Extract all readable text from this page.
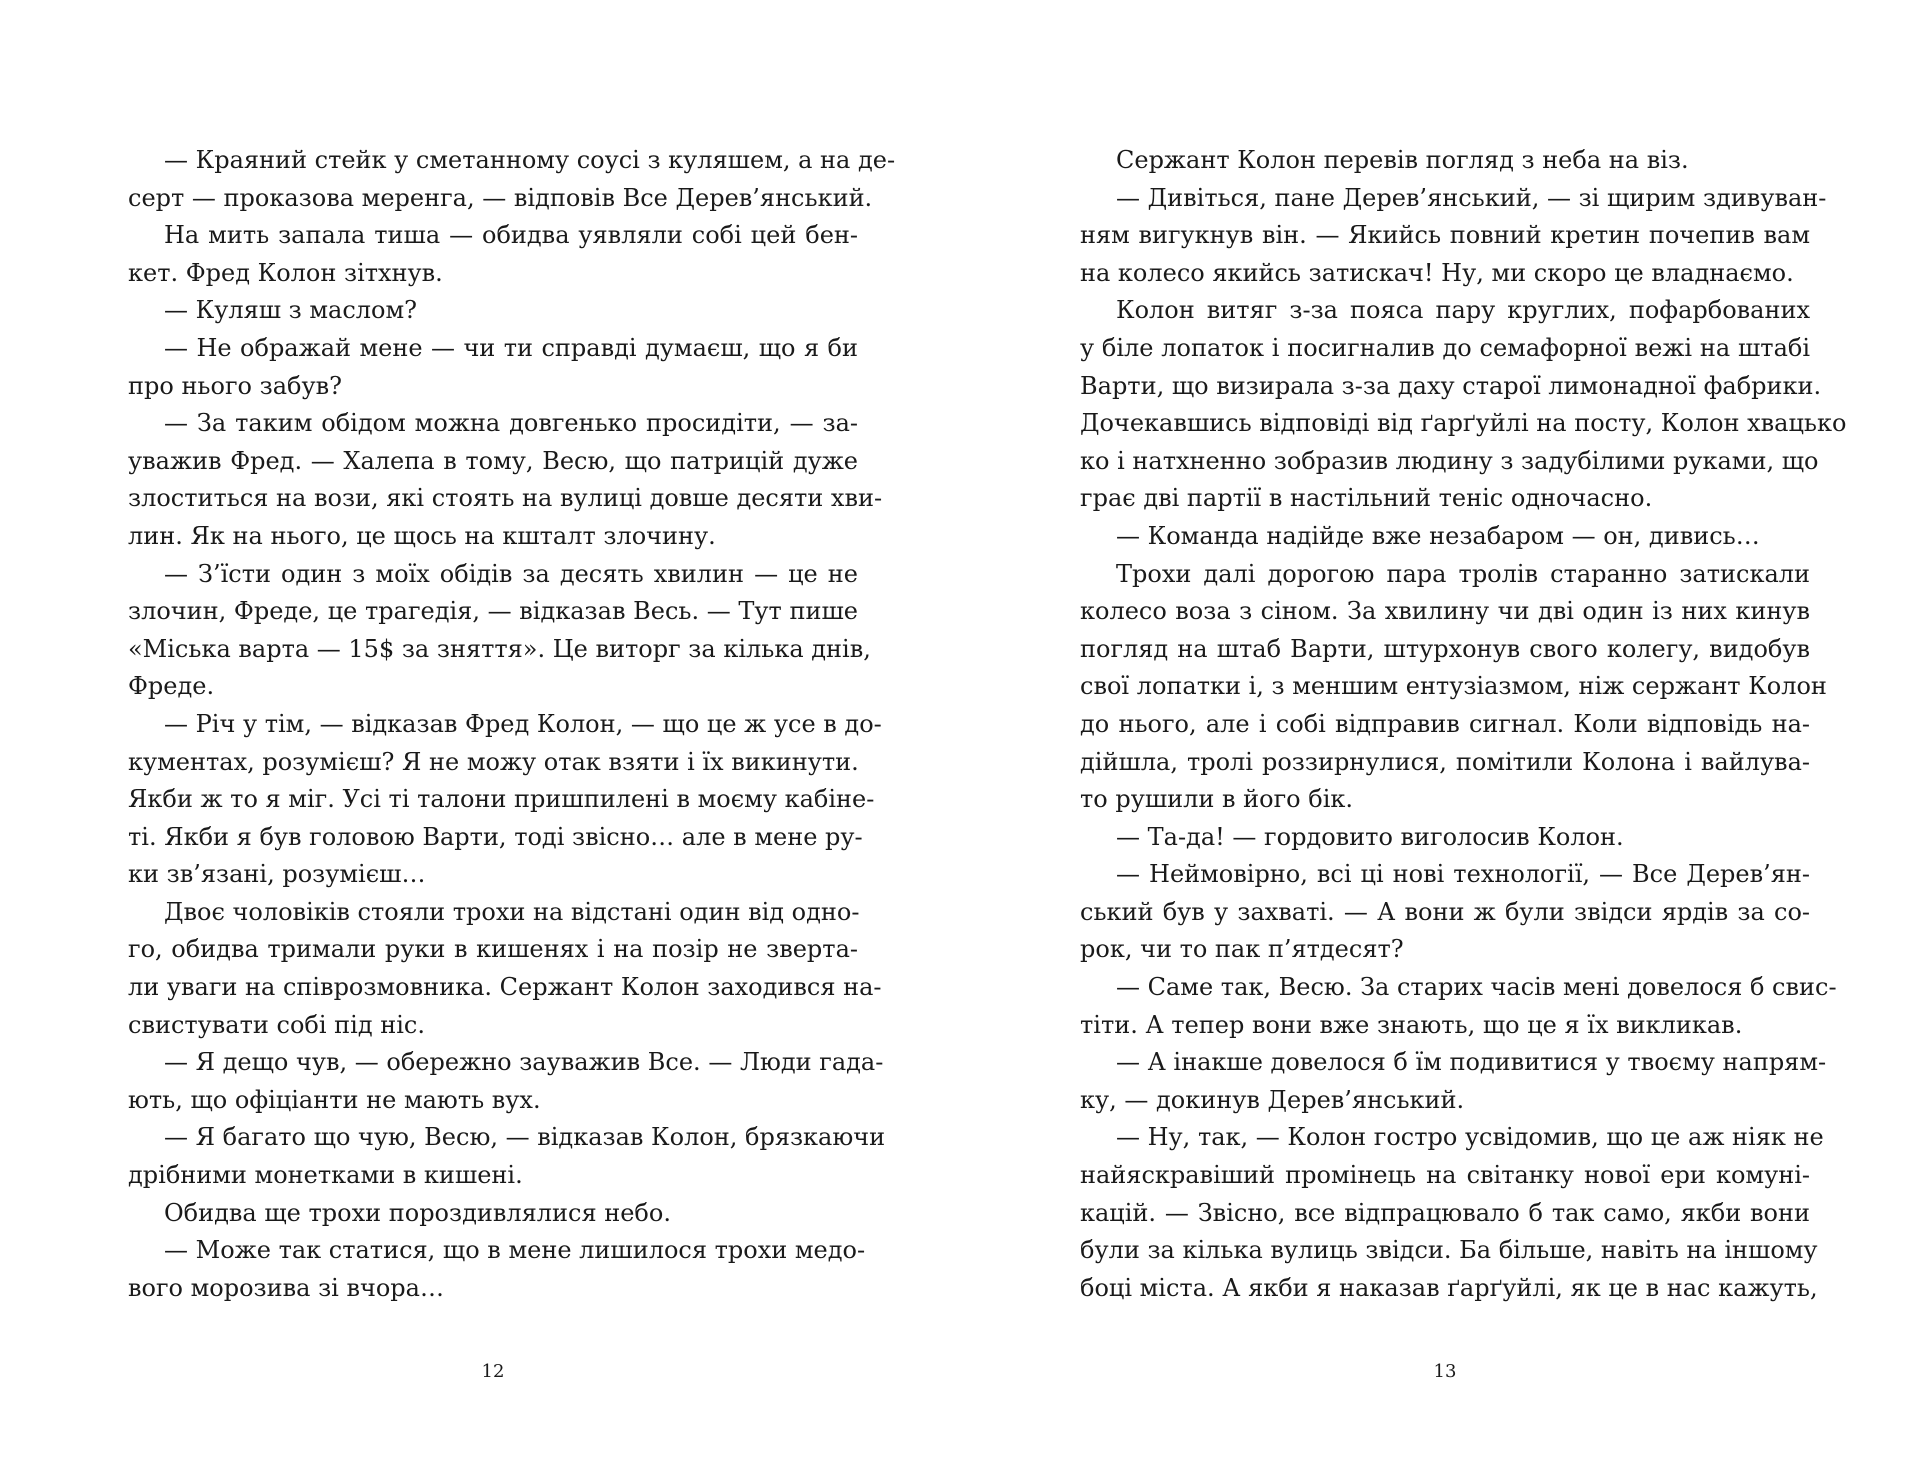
— Краяний стейк у сметанному соусі з куляшем, а на де-
серт — проказова меренга, — відповів Все Дерев’янський.
На мить запала тиша — обидва уявляли собі цей бен-
кет. Фред Колон зітхнув.
— Куляш з маслом?
— Не ображай мене — чи ти справді думаєш, що я би
про нього забув?
— За таким обідом можна довгенько просидіти, — за-
уважив Фред. — Халепа в тому, Весю, що патрицій дуже
злоститься на вози, які стоять на вулиці довше десяти хви-
лин. Як на нього, це щось на кшталт злочину.
— З’їсти один з моїх обідів за десять хвилин — це не
злочин, Фреде, це трагедія, — відказав Весь. — Тут пише
«Міська варта — 15$ за зняття». Це виторг за кілька днів,
Фреде.
— Річ у тім, — відказав Фред Колон, — що це ж усе в до-
кументах, розумієш? Я не можу отак взяти і їх викинути.
Якби ж то я міг. Усі ті талони пришпилені в моєму кабіне-
ті. Якби я був головою Варти, тоді звісно… але в мене ру-
ки зв’язані, розумієш…
Двоє чоловіків стояли трохи на відстані один від одно-
го, обидва тримали руки в кишенях і на позір не зверта-
ли уваги на співрозмовника. Сержант Колон заходився на-
свистувати собі під ніс.
— Я дещо чув, — обережно зауважив Все. — Люди гада-
ють, що офіціанти не мають вух.
— Я багато що чую, Весю, — відказав Колон, брязкаючи
дрібними монетками в кишені.
Обидва ще трохи пороздивлялися небо.
— Може так статися, що в мене лишилося трохи медо-
вого морозива зі вчора…
Сержант Колон перевів погляд з неба на віз.
— Дивіться, пане Дерев’янський, — зі щирим здивуван-
ням вигукнув він. — Якийсь повний кретин почепив вам
на колесо якийсь затискач! Ну, ми скоро це владнаємо.
Колон витяг з-за пояса пару круглих, пофарбованих
у біле лопаток і посигналив до семафорної вежі на штабі
Варти, що визирала з-за даху старої лимонадної фабрики.
Дочекавшись відповіді від ґарґуйлі на посту, Колон хвацько
ко і натхненно зобразив людину з задубілими руками, що
грає дві партії в настільний теніс одночасно.
— Команда надійде вже незабаром — он, дивись…
Трохи далі дорогою пара тролів старанно затискали
колесо воза з сіном. За хвилину чи дві один із них кинув
погляд на штаб Варти, штурхонув свого колегу, видобув
свої лопатки і, з меншим ентузіазмом, ніж сержант Колон
до нього, але і собі відправив сигнал. Коли відповідь на-
дійшла, тролі роззирнулися, помітили Колона і вайлува-
то рушили в його бік.
— Та-да! — гордовито виголосив Колон.
— Неймовірно, всі ці нові технології, — Все Дерев’ян-
ський був у захваті. — А вони ж були звідси ярдів за со-
рок, чи то пак п’ятдесят?
— Саме так, Весю. За старих часів мені довелося б свис-
тіти. А тепер вони вже знають, що це я їх викликав.
— А інакше довелося б їм подивитися у твоєму напрям-
ку, — докинув Дерев’янський.
— Ну, так, — Колон гостро усвідомив, що це аж ніяк не
найяскравіший промінець на світанку нової ери комуні-
кацій. — Звісно, все відпрацювало б так само, якби вони
були за кілька вулиць звідси. Ба більше, навіть на іншому
боці міста. А якби я наказав ґарґуйлі, як це в нас кажуть,
12	13
